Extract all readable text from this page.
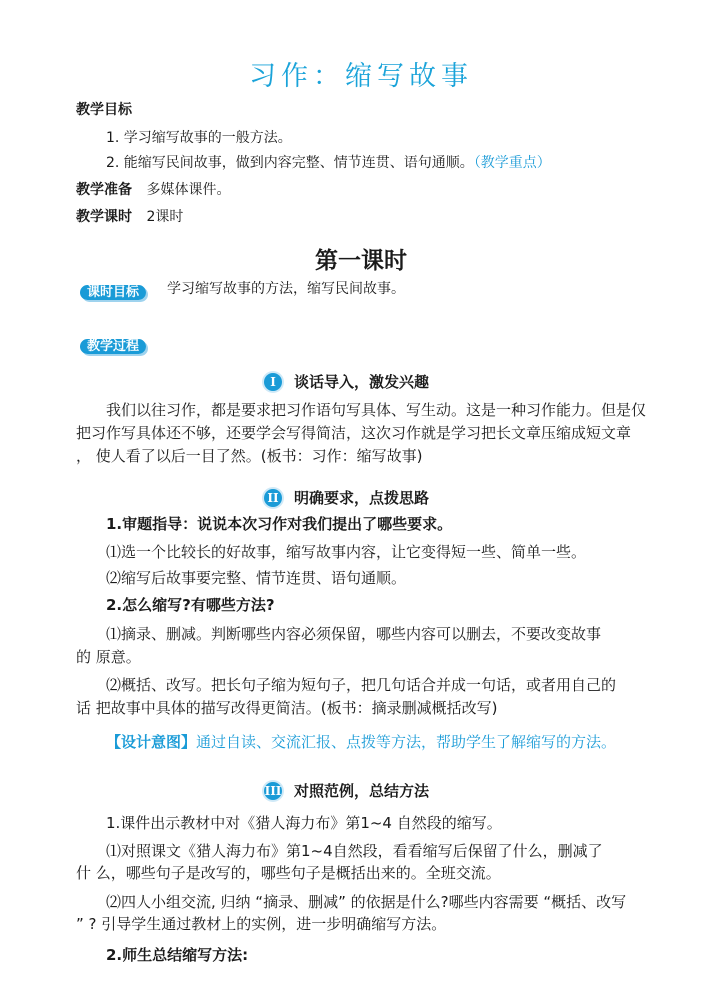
习作：缩写故事
教学目标
1. 学习缩写故事的一般方法。
2. 能缩写民间故事，做到内容完整、情节连贯、语句通顺。（教学重点）
教学准备 多媒体课件。
教学课时 2课时
第一课时
课时目标	学习缩写故事的方法，缩写民间故事。
教学过程
I	谈话导入，激发兴趣
我们以往习作，都是要求把习作语句写具体、写生动。这是一种习作能力。但是仅
把习作写具体还不够，还要学会写得简洁，这次习作就是学习把长文章压缩成短文章
， 使人看了以后一目了然。(板书：习作：缩写故事)
II 明确要求，点拨思路
1.审题指导：说说本次习作对我们提出了哪些要求。
⑴选一个比较长的好故事，缩写故事内容，让它变得短一些、简单一些。
⑵缩写后故事要完整、情节连贯、语句通顺。
2.怎么缩写?有哪些方法?
⑴摘录、删减。判断哪些内容必须保留，哪些内容可以删去，不要改变故事
的 原意。
⑵概括、改写。把长句子缩为短句子，把几句话合并成一句话，或者用自己的
话 把故事中具体的描写改得更简洁。(板书：摘录删减概括改写)
【设计意图】通过自读、交流汇报、点拨等方法，帮助学生了解缩写的方法。
III 对照范例，总结方法
1.课件出示教材中对《猎人海力布》第1~4 自然段的缩写。
⑴对照课文《猎人海力布》第1~4自然段，看看缩写后保留了什么，删减了
什 么，哪些句子是改写的，哪些句子是概括出来的。全班交流。
⑵四人小组交流, 归纳 “摘录、删减” 的依据是什么?哪些内容需要 “概括、改写
” ? 引导学生通过教材上的实例，进一步明确缩写方法。
2.师生总结缩写方法:
